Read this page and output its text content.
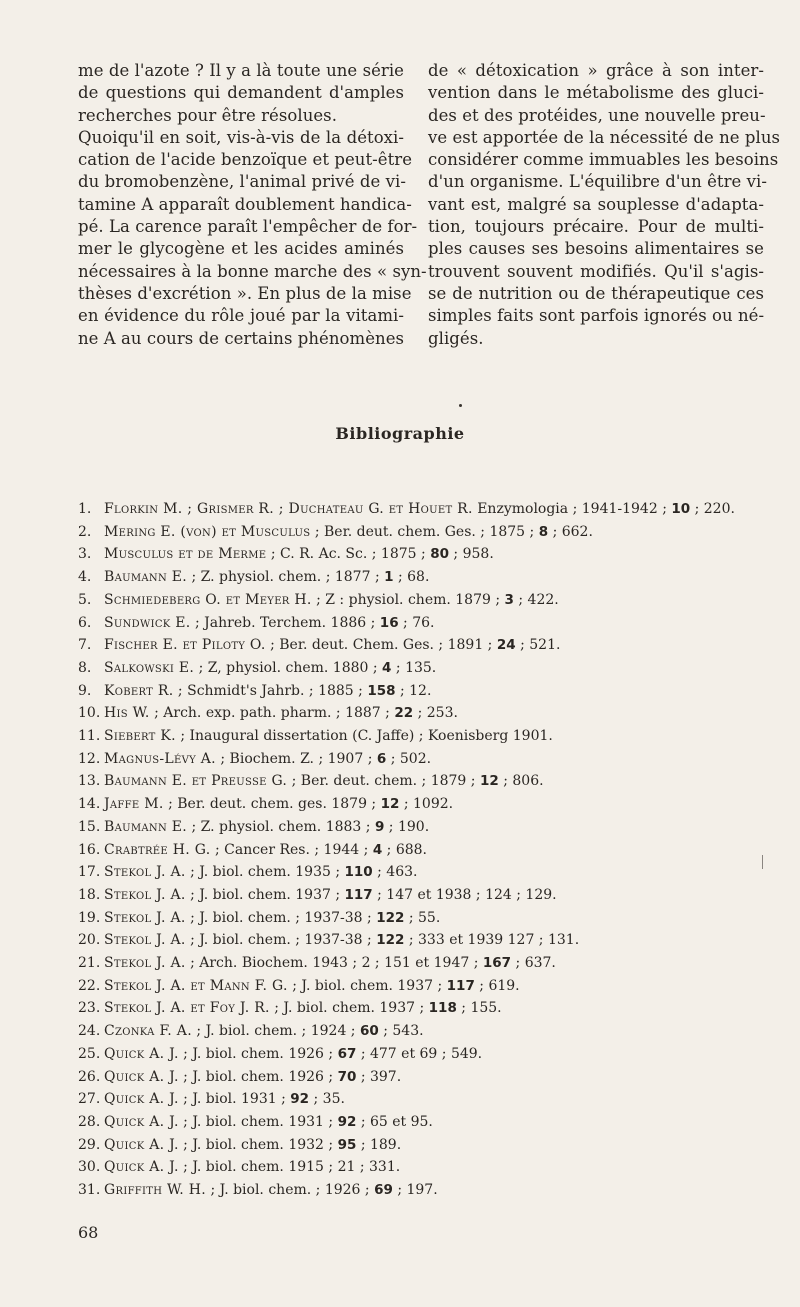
me de l'azote ? Il y a là toute une série
de questions qui demandent d'amples
recherches pour être résolues.
Quoiqu'il en soit, vis-à-vis de la détoxi-
cation de l'acide benzoïque et peut-être
du bromobenzène, l'animal privé de vi-
tamine A apparaît doublement handica-
pé. La carence paraît l'empêcher de for-
mer le glycogène et les acides aminés
nécessaires à la bonne marche des « syn-
thèses d'excrétion ». En plus de la mise
en évidence du rôle joué par la vitami-
ne A au cours de certains phénomènes
de « détoxication » grâce à son inter-
vention dans le métabolisme des gluci-
des et des protéides, une nouvelle preu-
ve est apportée de la nécessité de ne plus
considérer comme immuables les besoins
d'un organisme. L'équilibre d'un être vi-
vant est, malgré sa souplesse d'adapta-
tion, toujours précaire. Pour de multi-
ples causes ses besoins alimentaires se
trouvent souvent modifiés. Qu'il s'agis-
se de nutrition ou de thérapeutique ces
simples faits sont parfois ignorés ou né-
gligés.
Bibliographie
1. Florkin M. ; Grismer R. ; Duchateau G. et Houet R. Enzymologia ; 1941-1942 ; 10 ; 220.
2. Mering E. (von) et Musculus ; Ber. deut. chem. Ges. ; 1875 ; 8 ; 662.
3. Musculus et de Merme ; C. R. Ac. Sc. ; 1875 ; 80 ; 958.
4. Baumann E. ; Z. physiol. chem. ; 1877 ; 1 ; 68.
5. Schmiedeberg O. et Meyer H. ; Z : physiol. chem. 1879 ; 3 ; 422.
6. Sundwick E. ; Jahreb. Terchem. 1886 ; 16 ; 76.
7. Fischer E. et Piloty O. ; Ber. deut. Chem. Ges. ; 1891 ; 24 ; 521.
8. Salkowski E. ; Z, physiol. chem. 1880 ; 4 ; 135.
9. Kobert R. ; Schmidt's Jahrb. ; 1885 ; 158 ; 12.
10. His W. ; Arch. exp. path. pharm. ; 1887 ; 22 ; 253.
11. Siebert K. ; Inaugural dissertation (C. Jaffe) ; Koenisberg 1901.
12. Magnus-Lévy A. ; Biochem. Z. ; 1907 ; 6 ; 502.
13. Baumann E. et Preusse G. ; Ber. deut. chem. ; 1879 ; 12 ; 806.
14. Jaffe M. ; Ber. deut. chem. ges. 1879 ; 12 ; 1092.
15. Baumann E. ; Z. physiol. chem. 1883 ; 9 ; 190.
16. Crabtrée H. G. ; Cancer Res. ; 1944 ; 4 ; 688.
17. Stekol J. A. ; J. biol. chem. 1935 ; 110 ; 463.
18. Stekol J. A. ; J. biol. chem. 1937 ; 117 ; 147 et 1938 ; 124 ; 129.
19. Stekol J. A. ; J. biol. chem. ; 1937-38 ; 122 ; 55.
20. Stekol J. A. ; J. biol. chem. ; 1937-38 ; 122 ; 333 et 1939 127 ; 131.
21. Stekol J. A. ; Arch. Biochem. 1943 ; 2 ; 151 et 1947 ; 167 ; 637.
22. Stekol J. A. et Mann F. G. ; J. biol. chem. 1937 ; 117 ; 619.
23. Stekol J. A. et Foy J. R. ; J. biol. chem. 1937 ; 118 ; 155.
24. Czonka F. A. ; J. biol. chem. ; 1924 ; 60 ; 543.
25. Quick A. J. ; J. biol. chem. 1926 ; 67 ; 477 et 69 ; 549.
26. Quick A. J. ; J. biol. chem. 1926 ; 70 ; 397.
27. Quick A. J. ; J. biol. 1931 ; 92 ; 35.
28. Quick A. J. ; J. biol. chem. 1931 ; 92 ; 65 et 95.
29. Quick A. J. ; J. biol. chem. 1932 ; 95 ; 189.
30. Quick A. J. ; J. biol. chem. 1915 ; 21 ; 331.
31. Griffith W. H. ; J. biol. chem. ; 1926 ; 69 ; 197.
68
